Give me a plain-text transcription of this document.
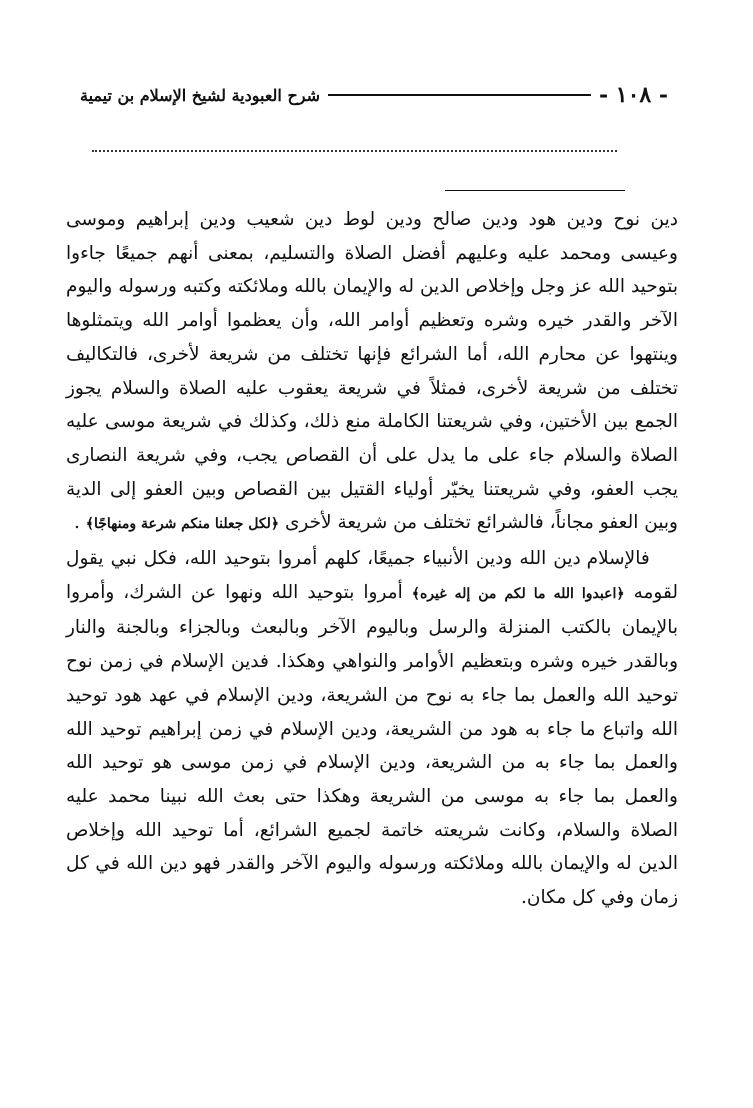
- ١٠٨ -
شرح العبودية لشيخ الإسلام بن تيمية

دين نوح ودين هود ودين صالح ودين لوط دين شعيب ودين إبراهيم وموسى وعيسى ومحمد عليه وعليهم أفضل الصلاة والتسليم، بمعنى أنهم جميعًا جاءوا بتوحيد الله عز وجل وإخلاص الدين له والإيمان بالله وملائكته وكتبه ورسوله واليوم الآخر والقدر خيره وشره وتعظيم أوامر الله، وأن يعظموا أوامر الله ويتمثلوها وينتهوا عن محارم الله، أما الشرائع فإنها تختلف من شريعة لأخرى، فالتكاليف تختلف من شريعة لأخرى، فمثلاً في شريعة يعقوب عليه الصلاة والسلام يجوز الجمع بين الأختين، وفي شريعتنا الكاملة منع ذلك، وكذلك في شريعة موسى عليه الصلاة والسلام جاء على ما يدل على أن القصاص يجب، وفي شريعة النصارى يجب العفو، وفي شريعتنا يخيّر أولياء القتيل بين القصاص وبين العفو إلى الدية وبين العفو مجاناً، فالشرائع تختلف من شريعة لأخرى ﴿لكل جعلنا منكم شرعة ومنهاجًا﴾ .

فالإسلام دين الله ودين الأنبياء جميعًا، كلهم أمروا بتوحيد الله، فكل نبي يقول لقومه ﴿اعبدوا الله ما لكم من إله غيره﴾ أمروا بتوحيد الله ونهوا عن الشرك، وأمروا بالإيمان بالكتب المنزلة والرسل وباليوم الآخر وبالبعث وبالجزاء وبالجنة والنار وبالقدر خيره وشره وبتعظيم الأوامر والنواهي وهكذا. فدين الإسلام في زمن نوح توحيد الله والعمل بما جاء به نوح من الشريعة، ودين الإسلام في عهد هود توحيد الله واتباع ما جاء به هود من الشريعة، ودين الإسلام في زمن إبراهيم توحيد الله والعمل بما جاء به من الشريعة، ودين الإسلام في زمن موسى هو توحيد الله والعمل بما جاء به موسى من الشريعة وهكذا حتى بعث الله نبينا محمد عليه الصلاة والسلام، وكانت شريعته خاتمة لجميع الشرائع، أما توحيد الله وإخلاص الدين له والإيمان بالله وملائكته ورسوله واليوم الآخر والقدر فهو دين الله في كل زمان وفي كل مكان.
